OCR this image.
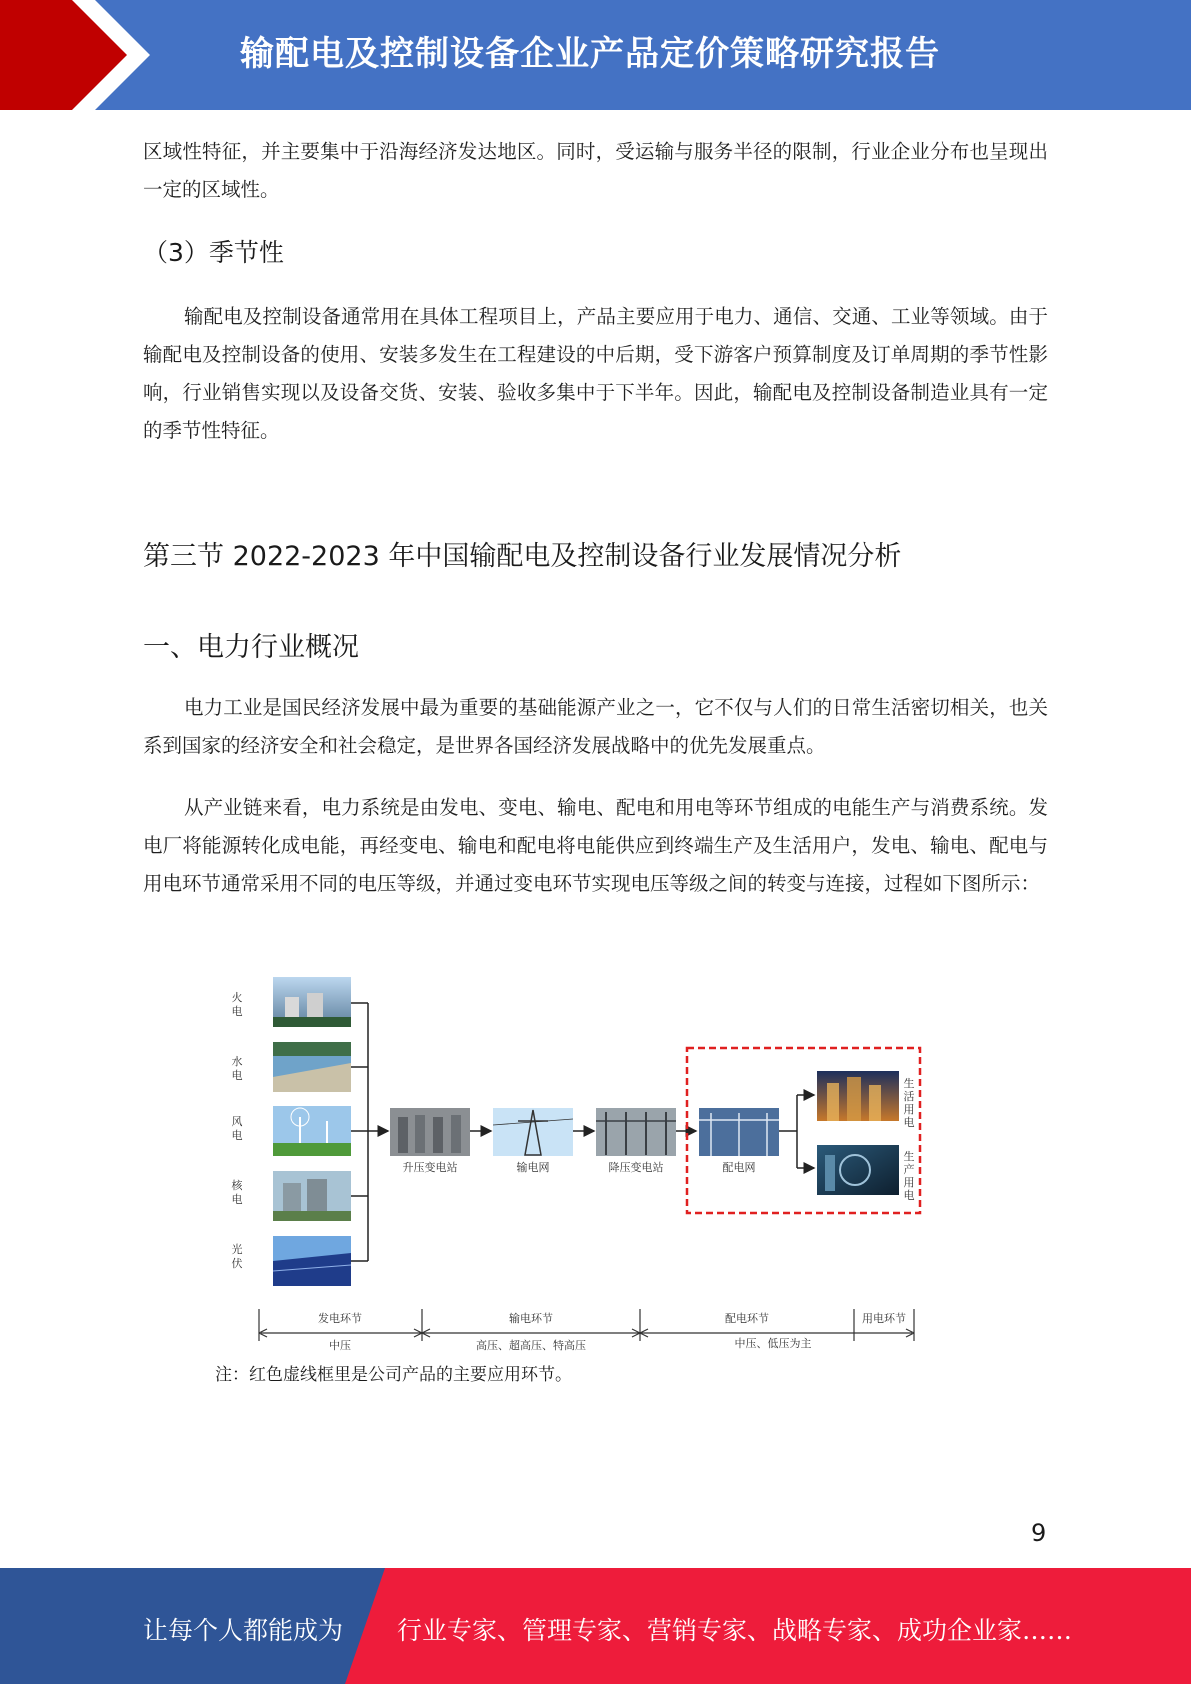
输配电及控制设备企业产品定价策略研究报告

区域性特征，并主要集中于沿海经济发达地区。同时，受运输与服务半径的限制，行业企业分布也呈现出一定的区域性。

（3）季节性

输配电及控制设备通常用在具体工程项目上，产品主要应用于电力、通信、交通、工业等领域。由于输配电及控制设备的使用、安装多发生在工程建设的中后期，受下游客户预算制度及订单周期的季节性影响，行业销售实现以及设备交货、安装、验收多集中于下半年。因此，输配电及控制设备制造业具有一定的季节性特征。

第三节 2022-2023 年中国输配电及控制设备行业发展情况分析
一、电力行业概况

电力工业是国民经济发展中最为重要的基础能源产业之一，它不仅与人们的日常生活密切相关，也关系到国家的经济安全和社会稳定，是世界各国经济发展战略中的优先发展重点。

从产业链来看，电力系统是由发电、变电、输电、配电和用电等环节组成的电能生产与消费系统。发电厂将能源转化成电能，再经变电、输电和配电将电能供应到终端生产及生活用户，发电、输电、配电与用电环节通常采用不同的电压等级，并通过变电环节实现电压等级之间的转变与连接，过程如下图所示：

火
电
水
电
风
电
核
电
光
伏
升压变电站	输电网	降压变电站	配电网
生
活
用
电
生
产
用
电
发电环节	输电环节	配电环节	用电环节
中压	高压、超高压、特高压	中压、低压为主
注：红色虚线框里是公司产品的主要应用环节。
9
让每个人都能成为 行业专家、管理专家、营销专家、战略专家、成功企业家……
